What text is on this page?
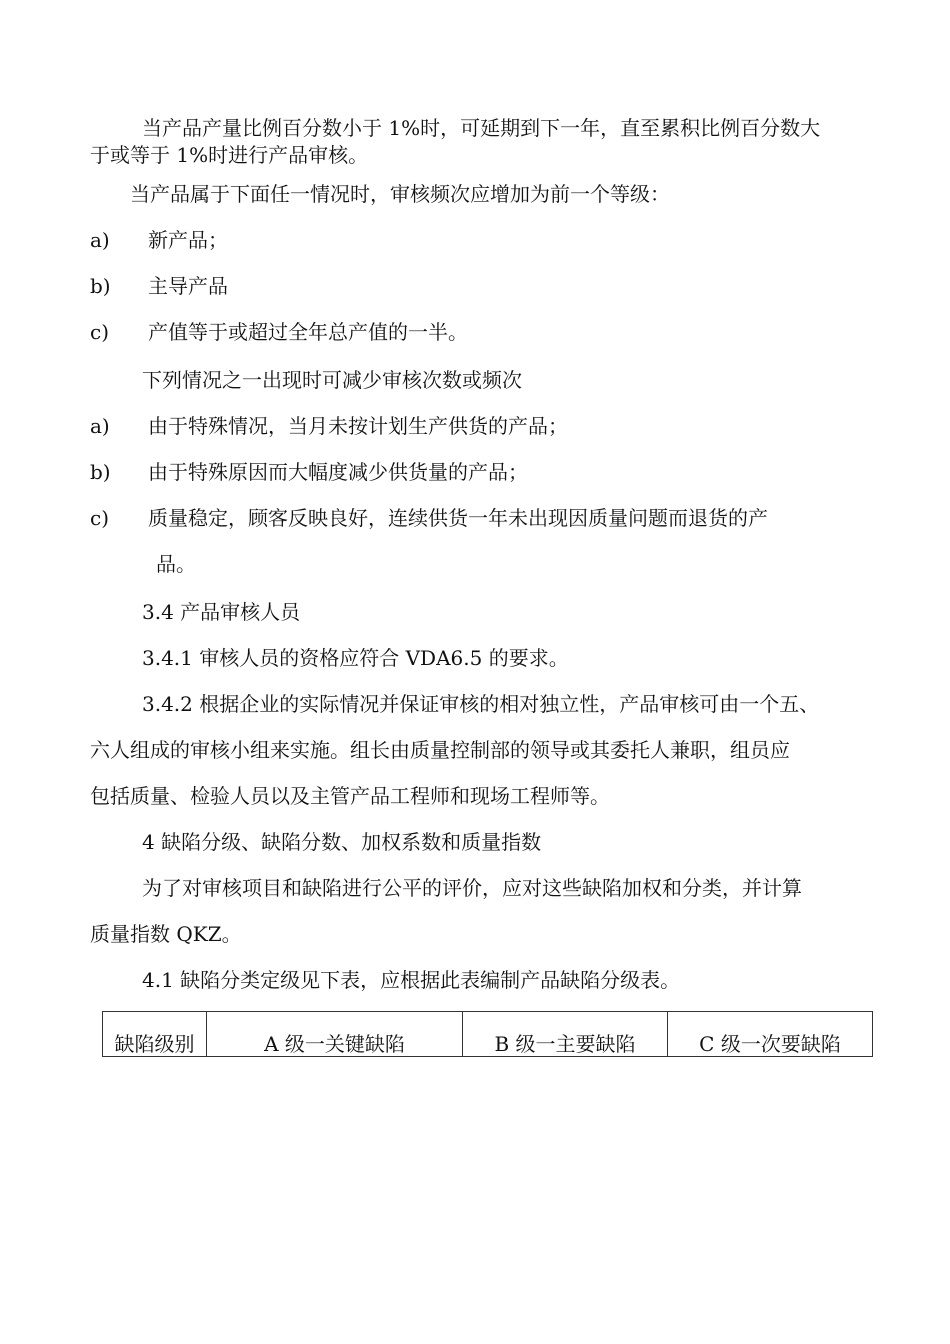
当产品产量比例百分数小于 1%时，可延期到下一年，直至累积比例百分数大
于或等于 1%时进行产品审核。
当产品属于下面任一情况时，审核频次应增加为前一个等级：
a) 新产品；
b) 主导产品
c) 产值等于或超过全年总产值的一半。
下列情况之一出现时可减少审核次数或频次
a) 由于特殊情况，当月未按计划生产供货的产品；
b) 由于特殊原因而大幅度减少供货量的产品；
c) 质量稳定，顾客反映良好，连续供货一年未出现因质量问题而退货的产
品。
3.4 产品审核人员
3.4.1 审核人员的资格应符合 VDA6.5 的要求。
3.4.2 根据企业的实际情况并保证审核的相对独立性，产品审核可由一个五、
六人组成的审核小组来实施。组长由质量控制部的领导或其委托人兼职，组员应
包括质量、检验人员以及主管产品工程师和现场工程师等。
4 缺陷分级、缺陷分数、加权系数和质量指数
为了对审核项目和缺陷进行公平的评价，应对这些缺陷加权和分类，并计算
质量指数 QKZ。
4.1 缺陷分类定级见下表，应根据此表编制产品缺陷分级表。
缺陷级别	A 级一关键缺陷	B 级一主要缺陷	C 级一次要缺陷
